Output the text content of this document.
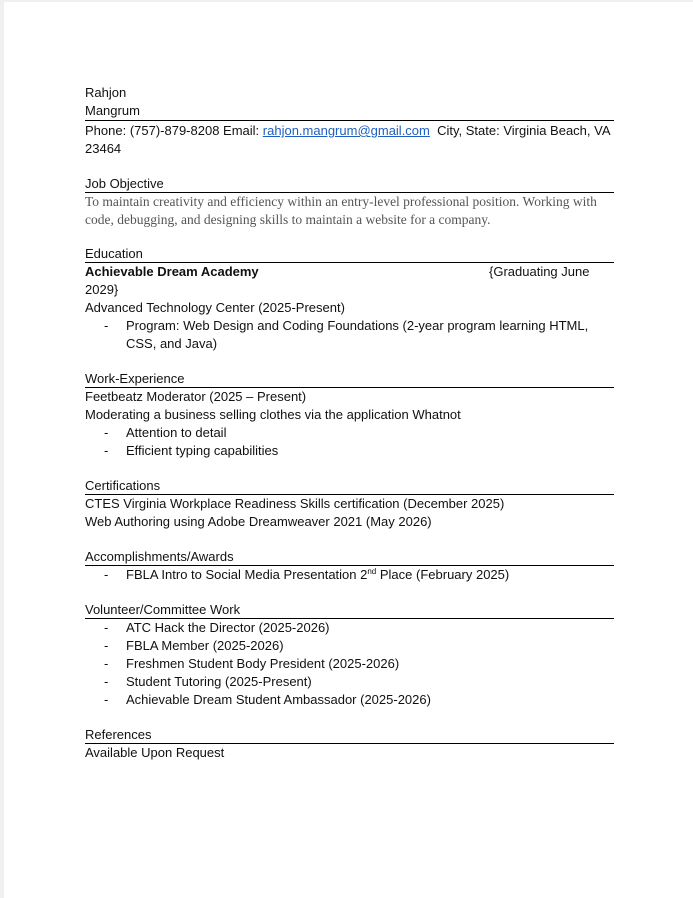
Rahjon
Mangrum
Phone: (757)-879-8208 Email: rahjon.mangrum@gmail.com  City, State: Virginia Beach, VA 23464
Job Objective
To maintain creativity and efficiency within an entry-level professional position. Working with code, debugging, and designing skills to maintain a website for a company.
Education
Achievable Dream Academy	{Graduating June
2029}
Advanced Technology Center (2025-Present)
- Program: Web Design and Coding Foundations (2-year program learning HTML, CSS, and Java)
Work-Experience
Feetbeatz Moderator (2025 – Present)
Moderating a business selling clothes via the application Whatnot
- Attention to detail
- Efficient typing capabilities
Certifications
CTES Virginia Workplace Readiness Skills certification (December 2025)
Web Authoring using Adobe Dreamweaver 2021 (May 2026)
Accomplishments/Awards
- FBLA Intro to Social Media Presentation 2nd Place (February 2025)
Volunteer/Committee Work
- ATC Hack the Director (2025-2026)
- FBLA Member (2025-2026)
- Freshmen Student Body President (2025-2026)
- Student Tutoring (2025-Present)
- Achievable Dream Student Ambassador (2025-2026)
References
Available Upon Request
